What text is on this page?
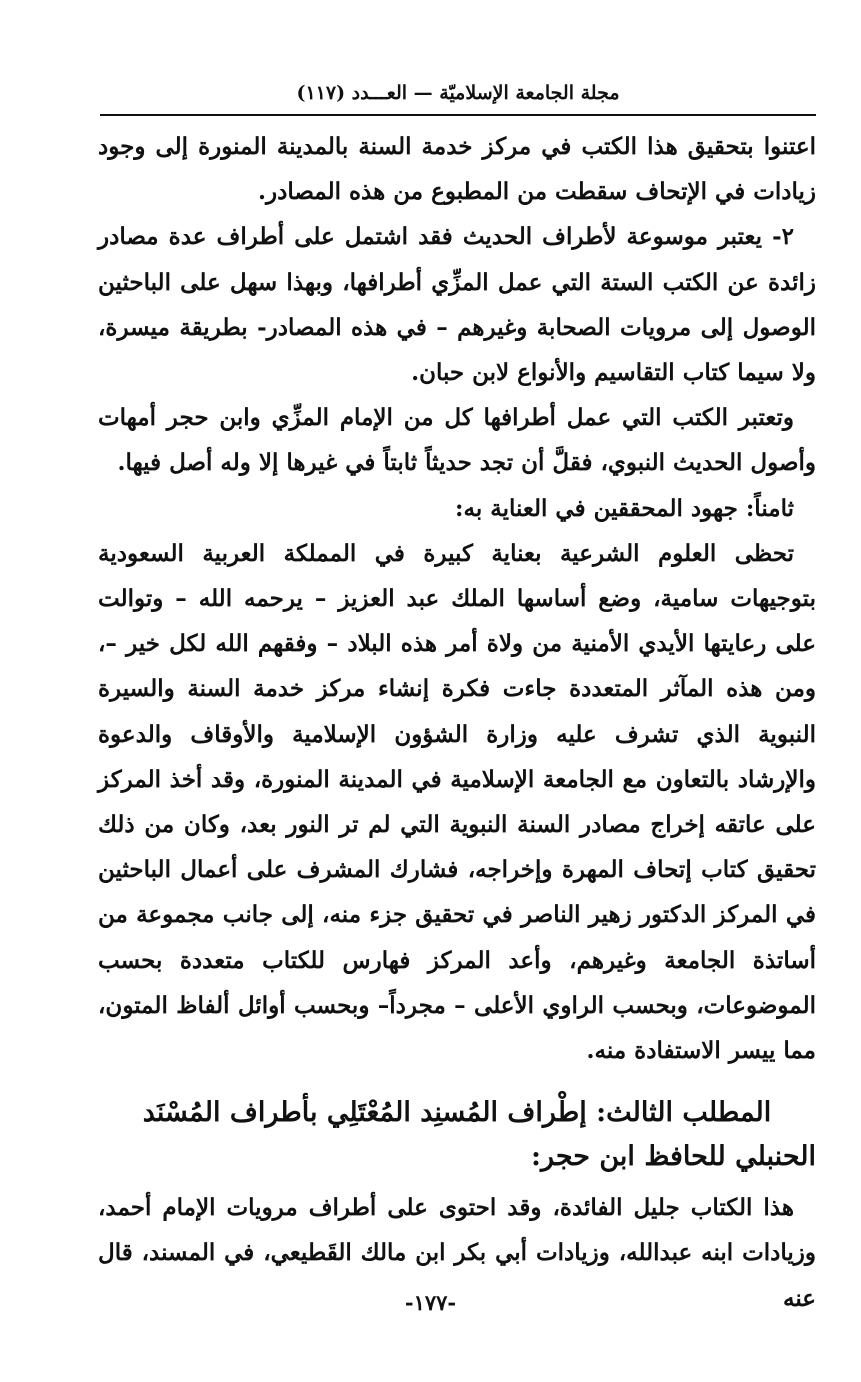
مجلة الجامعة الإسلاميّة — العـــدد (١١٧)

اعتنوا بتحقيق هذا الكتب في مركز خدمة السنة بالمدينة المنورة إلى وجود زيادات في الإتحاف سقطت من المطبوع من هذه المصادر.

٢- يعتبر موسوعة لأطراف الحديث فقد اشتمل على أطراف عدة مصادر زائدة عن الكتب الستة التي عمل المزِّي أطرافها، وبهذا سهل على الباحثين الوصول إلى مرويات الصحابة وغيرهم – في هذه المصادر- بطريقة ميسرة، ولا سيما كتاب التقاسيم والأنواع لابن حبان.

وتعتبر الكتب التي عمل أطرافها كل من الإمام المزِّي وابن حجر أمهات وأصول الحديث النبوي، فقلَّ أن تجد حديثاً ثابتاً في غيرها إلا وله أصل فيها.

ثامناً: جهود المحققين في العناية به:

تحظى العلوم الشرعية بعناية كبيرة في المملكة العربية السعودية بتوجيهات سامية، وضع أساسها الملك عبد العزيز – يرحمه الله – وتوالت على رعايتها الأيدي الأمنية من ولاة أمر هذه البلاد – وفقهم الله لكل خير –، ومن هذه المآثر المتعددة جاءت فكرة إنشاء مركز خدمة السنة والسيرة النبوية الذي تشرف عليه وزارة الشؤون الإسلامية والأوقاف والدعوة والإرشاد بالتعاون مع الجامعة الإسلامية في المدينة المنورة، وقد أخذ المركز على عاتقه إخراج مصادر السنة النبوية التي لم تر النور بعد، وكان من ذلك تحقيق كتاب إتحاف المهرة وإخراجه، فشارك المشرف على أعمال الباحثين في المركز الدكتور زهير الناصر في تحقيق جزء منه، إلى جانب مجموعة من أساتذة الجامعة وغيرهم، وأعد المركز فهارس للكتاب متعددة بحسب الموضوعات، وبحسب الراوي الأعلى – مجرداً– وبحسب أوائل ألفاظ المتون، مما ييسر الاستفادة منه.

المطلب الثالث: إطْراف المُسنِد المُعْتَلِي بأطراف المُسْنَد الحنبلي للحافظ ابن حجر:

هذا الكتاب جليل الفائدة، وقد احتوى على أطراف مرويات الإمام أحمد، وزيادات ابنه عبدالله، وزيادات أبي بكر ابن مالك القَطيعي، في المسند، قال عنه

-١٧٧-
